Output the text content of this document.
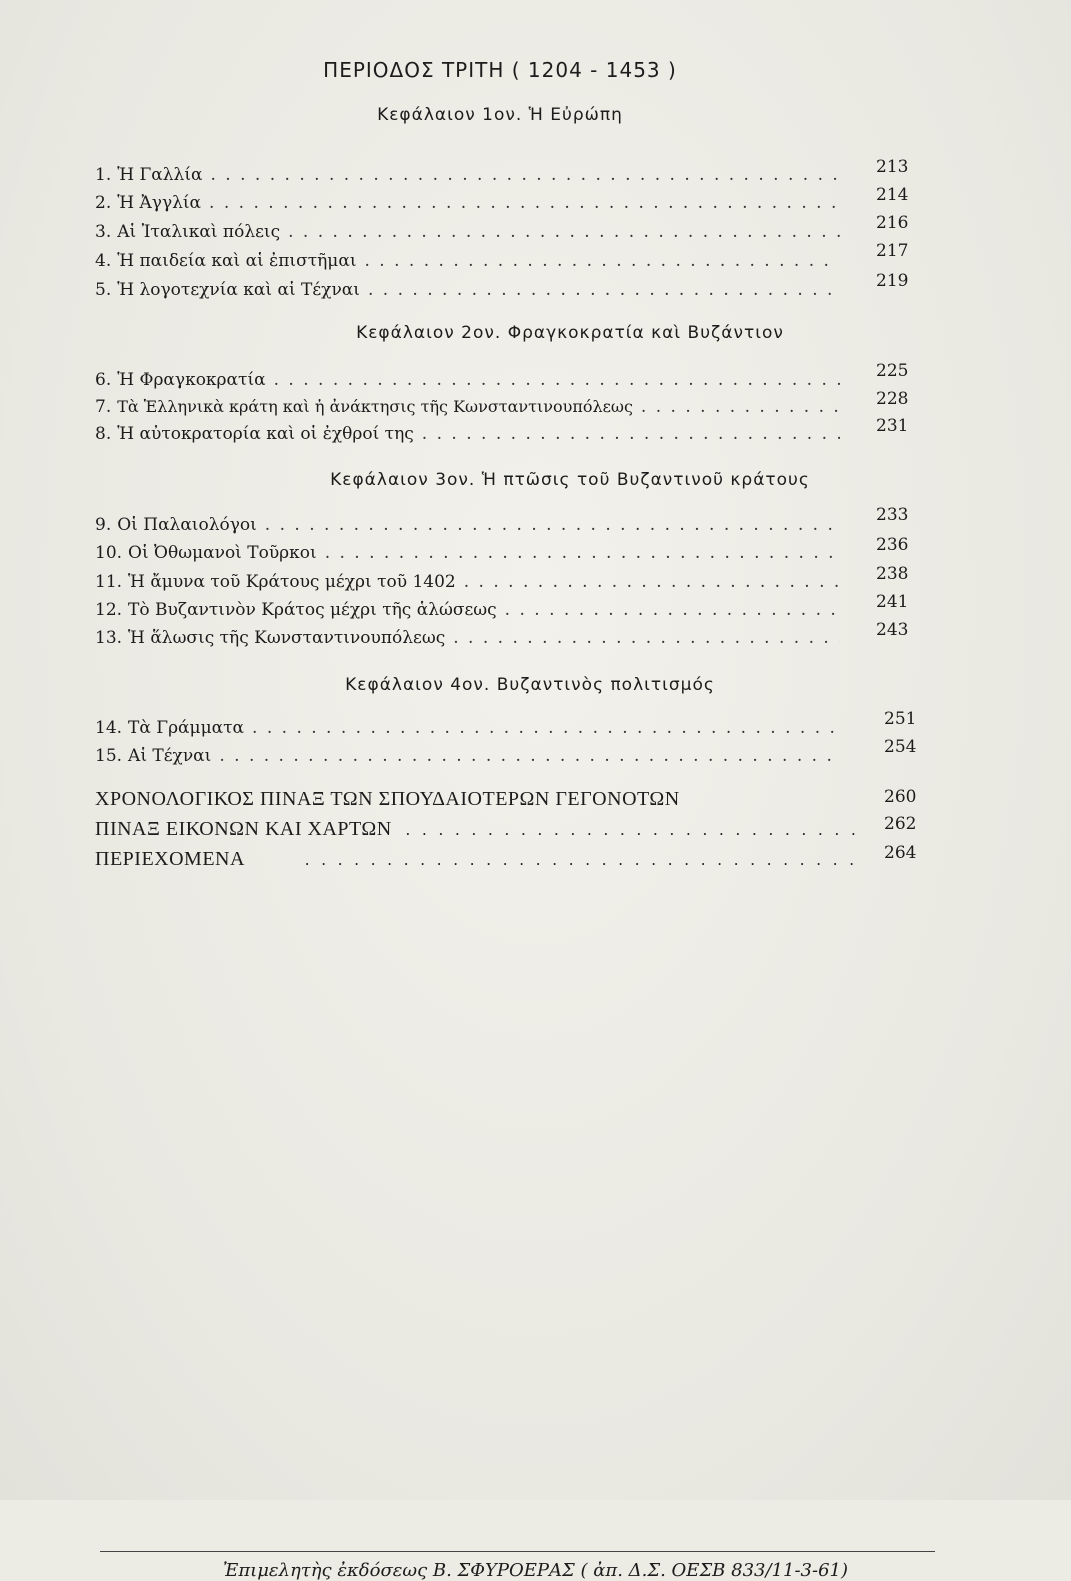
ΠΕΡΙΟΔΟΣ ΤΡΙΤΗ ( 1204 - 1453 )
Κεφάλαιον 1ον. Ἡ Εὐρώπη
1. Ἡ Γαλλία . . .	213
2. Ἡ Ἀγγλία . . .	214
3. Αἱ Ἰταλικαὶ πόλεις . . .	216
4. Ἡ παιδεία καὶ αἱ ἐπιστῆμαι . . .	217
5. Ἡ λογοτεχνία καὶ αἱ Τέχναι . . .	219
Κεφάλαιον 2ον. Φραγκοκρατία καὶ Βυζάντιον
6. Ἡ Φραγκοκρατία . . .	225
7. Τὰ Ἑλληνικὰ κράτη καὶ ἡ ἀνάκτησις τῆς Κωνσταντινουπόλεως . . .	228
8. Ἡ αὐτοκρατορία καὶ οἱ ἐχθροί της . . .	231
Κεφάλαιον 3ον. Ἡ πτῶσις τοῦ Βυζαντινοῦ κράτους
9. Οἱ Παλαιολόγοι . . .	233
10. Οἱ Ὀθωμανοὶ Τοῦρκοι . . .	236
11. Ἡ ἄμυνα τοῦ Κράτους μέχρι τοῦ 1402 . . .	238
12. Τὸ Βυζαντινὸν Κράτος μέχρι τῆς ἁλώσεως . . .	241
13. Ἡ ἅλωσις τῆς Κωνσταντινουπόλεως . . .	243
Κεφάλαιον 4ον. Βυζαντινὸς πολιτισμός
14. Τὰ Γράμματα . . .	251
15. Αἱ Τέχναι . . .	254
ΧΡΟΝΟΛΟΓΙΚΟΣ ΠΙΝΑΞ ΤΩΝ ΣΠΟΥΔΑΙΟΤΕΡΩΝ ΓΕΓΟΝΟΤΩΝ	260
ΠΙΝΑΞ ΕΙΚΟΝΩΝ ΚΑΙ ΧΑΡΤΩΝ . . .	262
ΠΕΡΙΕΧΟΜΕΝΑ . . .	264
Ἐπιμελητὴς ἐκδόσεως Β. ΣΦΥΡΟΕΡΑΣ ( ἀπ. Δ.Σ. ΟΕΣΒ 833/11-3-61)
